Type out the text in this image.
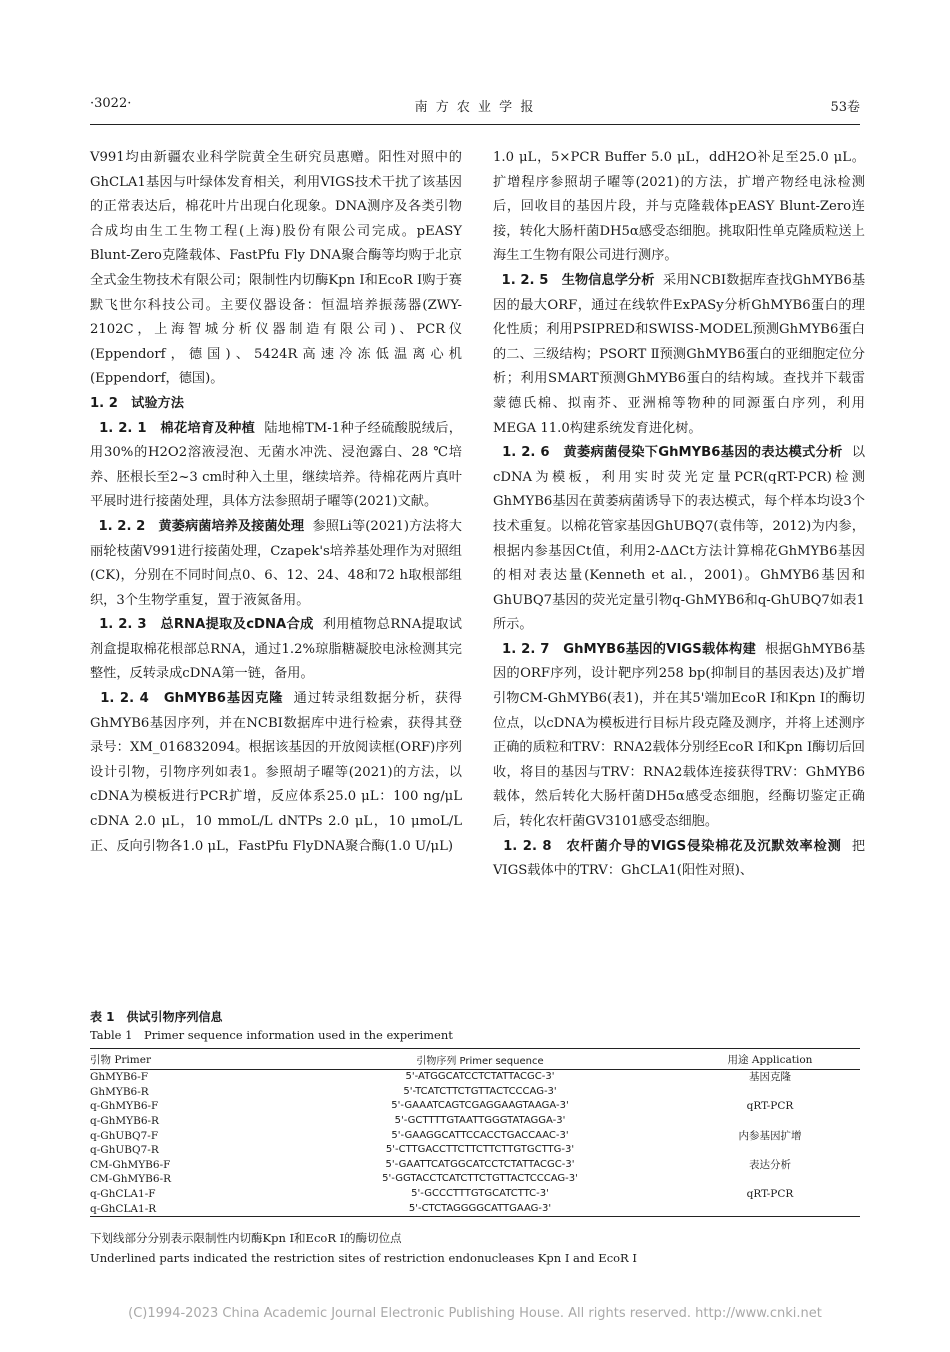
·3022·	南 方 农 业 学 报	53卷

V991均由新疆农业科学院黄全生研究员惠赠。阳性对照中的GhCLA1基因与叶绿体发育相关，利用VIGS技术干扰了该基因的正常表达后，棉花叶片出现白化现象。DNA测序及各类引物合成均由生工生物工程(上海)股份有限公司完成。pEASY Blunt-Zero克隆载体、FastPfu Fly DNA聚合酶等均购于北京全式金生物技术有限公司；限制性内切酶Kpn Ⅰ和EcoR Ⅰ购于赛默飞世尔科技公司。主要仪器设备：恒温培养振荡器(ZWY-2102C，上海智城分析仪器制造有限公司)、PCR仪(Eppendorf，德国)、5424R高速冷冻低温离心机(Eppendorf，德国)。

1. 2　试验方法

1. 2. 1　棉花培育及种植 陆地棉TM-1种子经硫酸脱绒后，用30%的H2O2溶液浸泡、无菌水冲洗、浸泡露白、28 ℃培养、胚根长至2~3 cm时种入土里，继续培养。待棉花两片真叶平展时进行接菌处理，具体方法参照胡子曜等(2021)文献。

1. 2. 2　黄萎病菌培养及接菌处理 参照Li等(2021)方法将大丽轮枝菌V991进行接菌处理，Czapek's培养基处理作为对照组(CK)，分别在不同时间点0、6、12、24、48和72 h取根部组织，3个生物学重复，置于液氮备用。

1. 2. 3　总RNA提取及cDNA合成 利用植物总RNA提取试剂盒提取棉花根部总RNA，通过1.2%琼脂糖凝胶电泳检测其完整性，反转录成cDNA第一链，备用。

1. 2. 4　GhMYB6基因克隆 通过转录组数据分析，获得GhMYB6基因序列，并在NCBI数据库中进行检索，获得其登录号：XM_016832094。根据该基因的开放阅读框(ORF)序列设计引物，引物序列如表1。参照胡子曜等(2021)的方法，以cDNA为模板进行PCR扩增，反应体系25.0 μL：100 ng/μL cDNA 2.0 μL，10 mmoL/L dNTPs 2.0 μL，10 μmoL/L正、反向引物各1.0 μL，FastPfu FlyDNA聚合酶(1.0 U/μL)

1.0 μL，5×PCR Buffer 5.0 μL，ddH2O补足至25.0 μL。扩增程序参照胡子曜等(2021)的方法，扩增产物经电泳检测后，回收目的基因片段，并与克隆载体pEASY Blunt-Zero连接，转化大肠杆菌DH5α感受态细胞。挑取阳性单克隆质粒送上海生工生物有限公司进行测序。

1. 2. 5　生物信息学分析 采用NCBI数据库查找GhMYB6基因的最大ORF，通过在线软件ExPASy分析GhMYB6蛋白的理化性质；利用PSIPRED和SWISS-MODEL预测GhMYB6蛋白的二、三级结构；PSORT Ⅱ预测GhMYB6蛋白的亚细胞定位分析；利用SMART预测GhMYB6蛋白的结构域。查找并下载雷蒙德氏棉、拟南芥、亚洲棉等物种的同源蛋白序列，利用MEGA 11.0构建系统发育进化树。

1. 2. 6　黄萎病菌侵染下GhMYB6基因的表达模式分析 以cDNA为模板，利用实时荧光定量PCR(qRT-PCR)检测GhMYB6基因在黄萎病菌诱导下的表达模式，每个样本均设3个技术重复。以棉花管家基因GhUBQ7(袁伟等，2012)为内参，根据内参基因Ct值，利用2-ΔΔCt方法计算棉花GhMYB6基因的相对表达量(Kenneth et al.，2001)。GhMYB6基因和GhUBQ7基因的荧光定量引物q-GhMYB6和q-GhUBQ7如表1所示。

1. 2. 7　GhMYB6基因的VIGS载体构建 根据GhMYB6基因的ORF序列，设计靶序列258 bp(抑制目的基因表达)及扩增引物CM-GhMYB6(表1)，并在其5'端加EcoR Ⅰ和Kpn Ⅰ的酶切位点，以cDNA为模板进行目标片段克隆及测序，并将上述测序正确的质粒和TRV：RNA2载体分别经EcoR Ⅰ和Kpn Ⅰ酶切后回收，将目的基因与TRV：RNA2载体连接获得TRV：GhMYB6载体，然后转化大肠杆菌DH5α感受态细胞，经酶切鉴定正确后，转化农杆菌GV3101感受态细胞。

1. 2. 8　农杆菌介导的VIGS侵染棉花及沉默效率检测 把VIGS载体中的TRV：GhCLA1(阳性对照)、

表 1　供试引物序列信息
Table 1　Primer sequence information used in the experiment
引物 Primer	引物序列 Primer sequence	用途 Application
GhMYB6-F	5'-ATGGCATCCTCTATTACGC-3'	基因克隆
GhMYB6-R	5'-TCATCTTCTGTTACTCCCAG-3'	
q-GhMYB6-F	5'-GAAATCAGTCGAGGAAGTAAGA-3'	qRT-PCR
q-GhMYB6-R	5'-GCTTTTGTAATTGGGTATAGGA-3'	
q-GhUBQ7-F	5'-GAAGGCATTCCACCTGACCAAC-3'	内参基因扩增
q-GhUBQ7-R	5'-CTTGACCTTCTTCTTCTTGTGCTTG-3'	
CM-GhMYB6-F	5'-GAATTCATGGCATCCTCTATTACGC-3'	表达分析
CM-GhMYB6-R	5'-GGTACCTCATCTTCTGTTACTCCCAG-3'	
q-GhCLA1-F	5'-GCCCTTTGTGCATCTTC-3'	qRT-PCR
q-GhCLA1-R	5'-CTCTAGGGGCATTGAAG-3'	
下划线部分分别表示限制性内切酶Kpn Ⅰ和EcoR Ⅰ的酶切位点
Underlined parts indicated the restriction sites of restriction endonucleases Kpn Ⅰ and EcoR Ⅰ
(C)1994-2023 China Academic Journal Electronic Publishing House. All rights reserved. http://www.cnki.net
